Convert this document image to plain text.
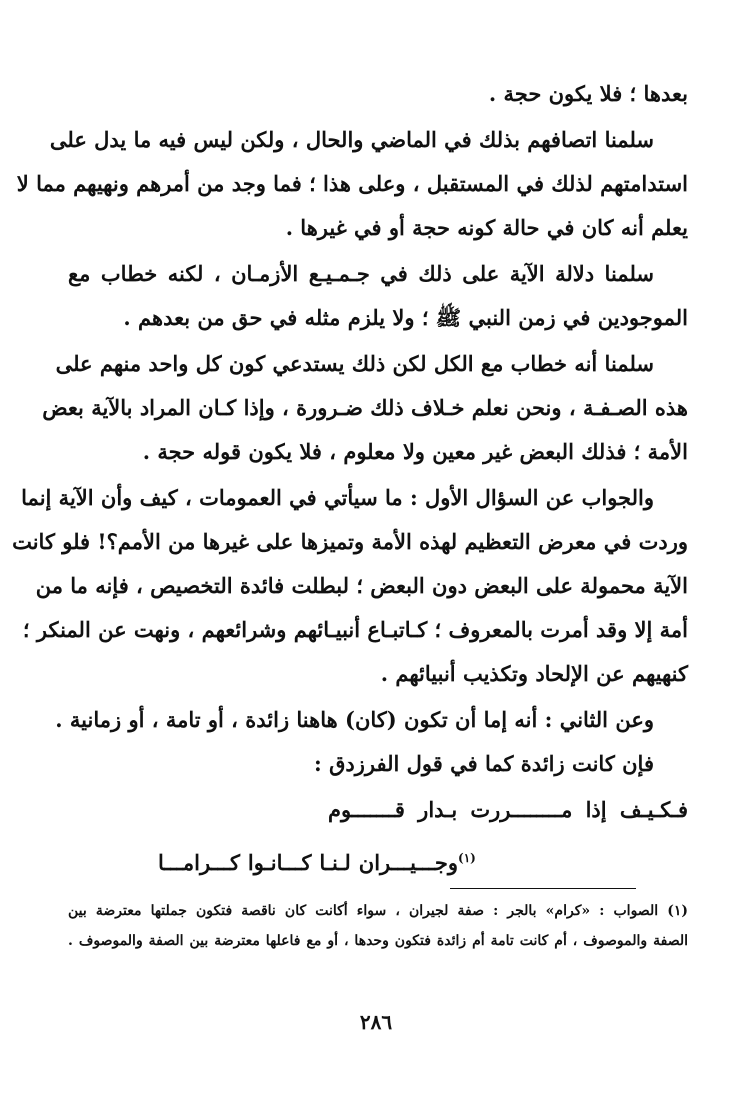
بعدها ؛ فلا يكون حجة .
سلمنا اتصافهم بذلك في الماضي والحال ، ولكن ليس فيه ما يدل على
استدامتهم لذلك في المستقبل ، وعلى هذا ؛ فما وجد من أمرهم ونهيهم مما لا
يعلم أنه كان في حالة كونه حجة أو في غيرها .
سلمنا دلالة الآية على ذلك في جـمـيـع الأزمـان ، لكنه خطاب مع
الموجودين في زمن النبي ﷺ ؛ ولا يلزم مثله في حق من بعدهم .
سلمنا أنه خطاب مع الكل لكن ذلك يستدعي كون كل واحد منهم على
هذه الصـفـة ، ونحن نعلم خـلاف ذلك ضـرورة ، وإذا كـان المراد بالآية بعض
الأمة ؛ فذلك البعض غير معين ولا معلوم ، فلا يكون قوله حجة .
والجواب عن السؤال الأول : ما سيأتي في العمومات ، كيف وأن الآية إنما
وردت في معرض التعظيم لهذه الأمة وتميزها على غيرها من الأمم؟! فلو كانت
الآية محمولة على البعض دون البعض ؛ لبطلت فائدة التخصيص ، فإنه ما من
أمة إلا وقد أمرت بالمعروف ؛ كـاتبـاع أنبيـائهم وشرائعهم ، ونهت عن المنكر ؛
كنهيهم عن الإلحاد وتكذيب أنبيائهم .
وعن الثاني : أنه إما أن تكون (كان) هاهنا زائدة ، أو تامة ، أو زمانية .
فإن كانت زائدة كما في قول الفرزدق :
فـكـيـف إذا مــــــــررت بـدار قـــــــوم
$^{(١)}$وجـــيـــران لـنـا كـــانـوا كـــرامـــا
(١) الصواب : «كرام» بالجر : صفة لجيران ، سواء أكانت كان ناقصة فتكون جملتها معترضة بين
الصفة والموصوف ، أم كانت تامة أم زائدة فتكون وحدها ، أو مع فاعلها معترضة بين الصفة والموصوف .
٢٨٦
